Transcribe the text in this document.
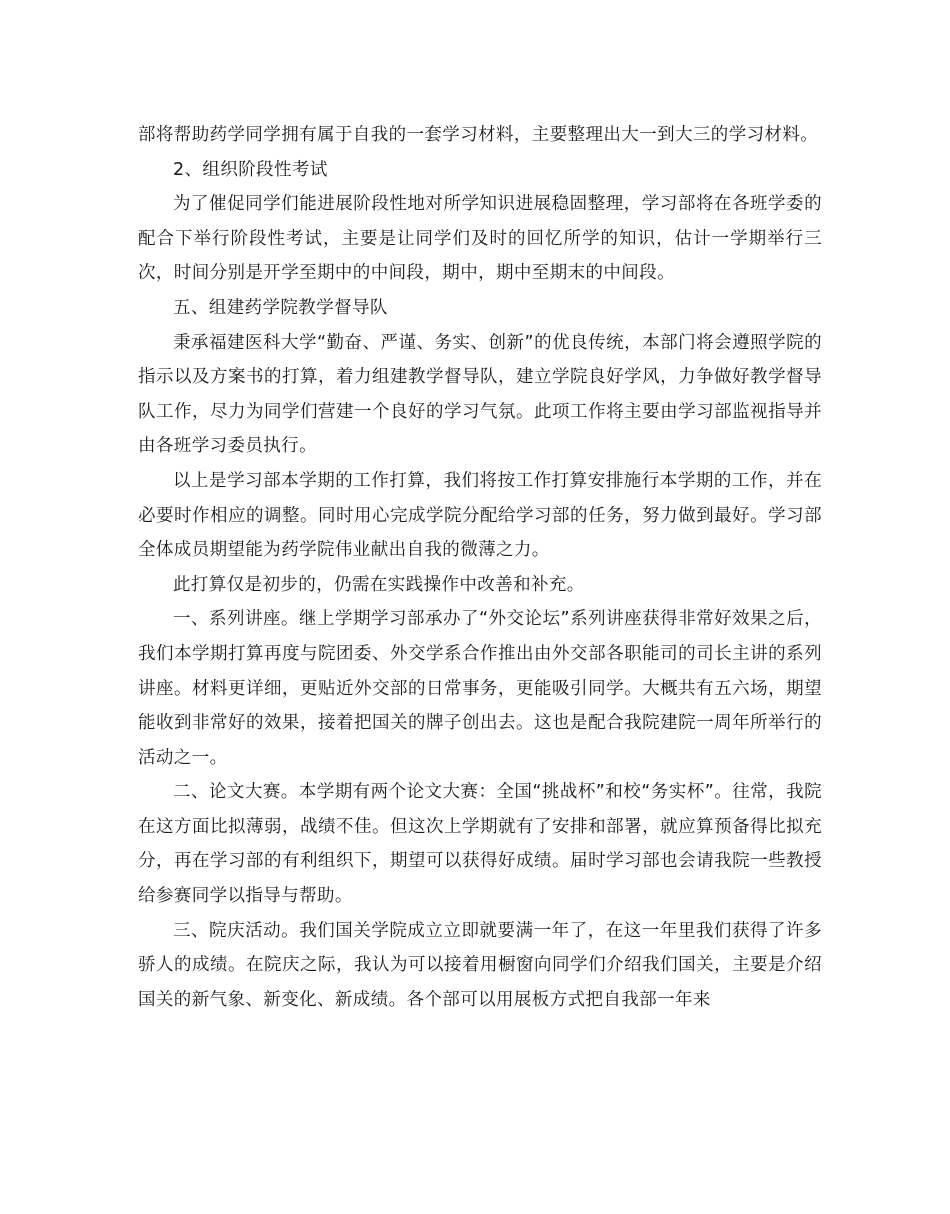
部将帮助药学同学拥有属于自我的一套学习材料，主要整理出大一到大三的学习材料。

2、组织阶段性考试

为了催促同学们能进展阶段性地对所学知识进展稳固整理，学习部将在各班学委的配合下举行阶段性考试，主要是让同学们及时的回忆所学的知识，估计一学期举行三次，时间分别是开学至期中的中间段，期中，期中至期末的中间段。

五、组建药学院教学督导队

秉承福建医科大学“勤奋、严谨、务实、创新”的优良传统，本部门将会遵照学院的指示以及方案书的打算，着力组建教学督导队，建立学院良好学风，力争做好教学督导队工作，尽力为同学们营建一个良好的学习气氛。此项工作将主要由学习部监视指导并由各班学习委员执行。

以上是学习部本学期的工作打算，我们将按工作打算安排施行本学期的工作，并在必要时作相应的调整。同时用心完成学院分配给学习部的任务，努力做到最好。学习部全体成员期望能为药学院伟业献出自我的微薄之力。

此打算仅是初步的，仍需在实践操作中改善和补充。

一、系列讲座。继上学期学习部承办了“外交论坛”系列讲座获得非常好效果之后，我们本学期打算再度与院团委、外交学系合作推出由外交部各职能司的司长主讲的系列讲座。材料更详细，更贴近外交部的日常事务，更能吸引同学。大概共有五六场，期望能收到非常好的效果，接着把国关的牌子创出去。这也是配合我院建院一周年所举行的活动之一。

二、论文大赛。本学期有两个论文大赛：全国“挑战杯”和校“务实杯”。往常，我院在这方面比拟薄弱，战绩不佳。但这次上学期就有了安排和部署，就应算预备得比拟充分，再在学习部的有利组织下，期望可以获得好成绩。届时学习部也会请我院一些教授给参赛同学以指导与帮助。

三、院庆活动。我们国关学院成立立即就要满一年了，在这一年里我们获得了许多骄人的成绩。在院庆之际，我认为可以接着用橱窗向同学们介绍我们国关，主要是介绍国关的新气象、新变化、新成绩。各个部可以用展板方式把自我部一年来
